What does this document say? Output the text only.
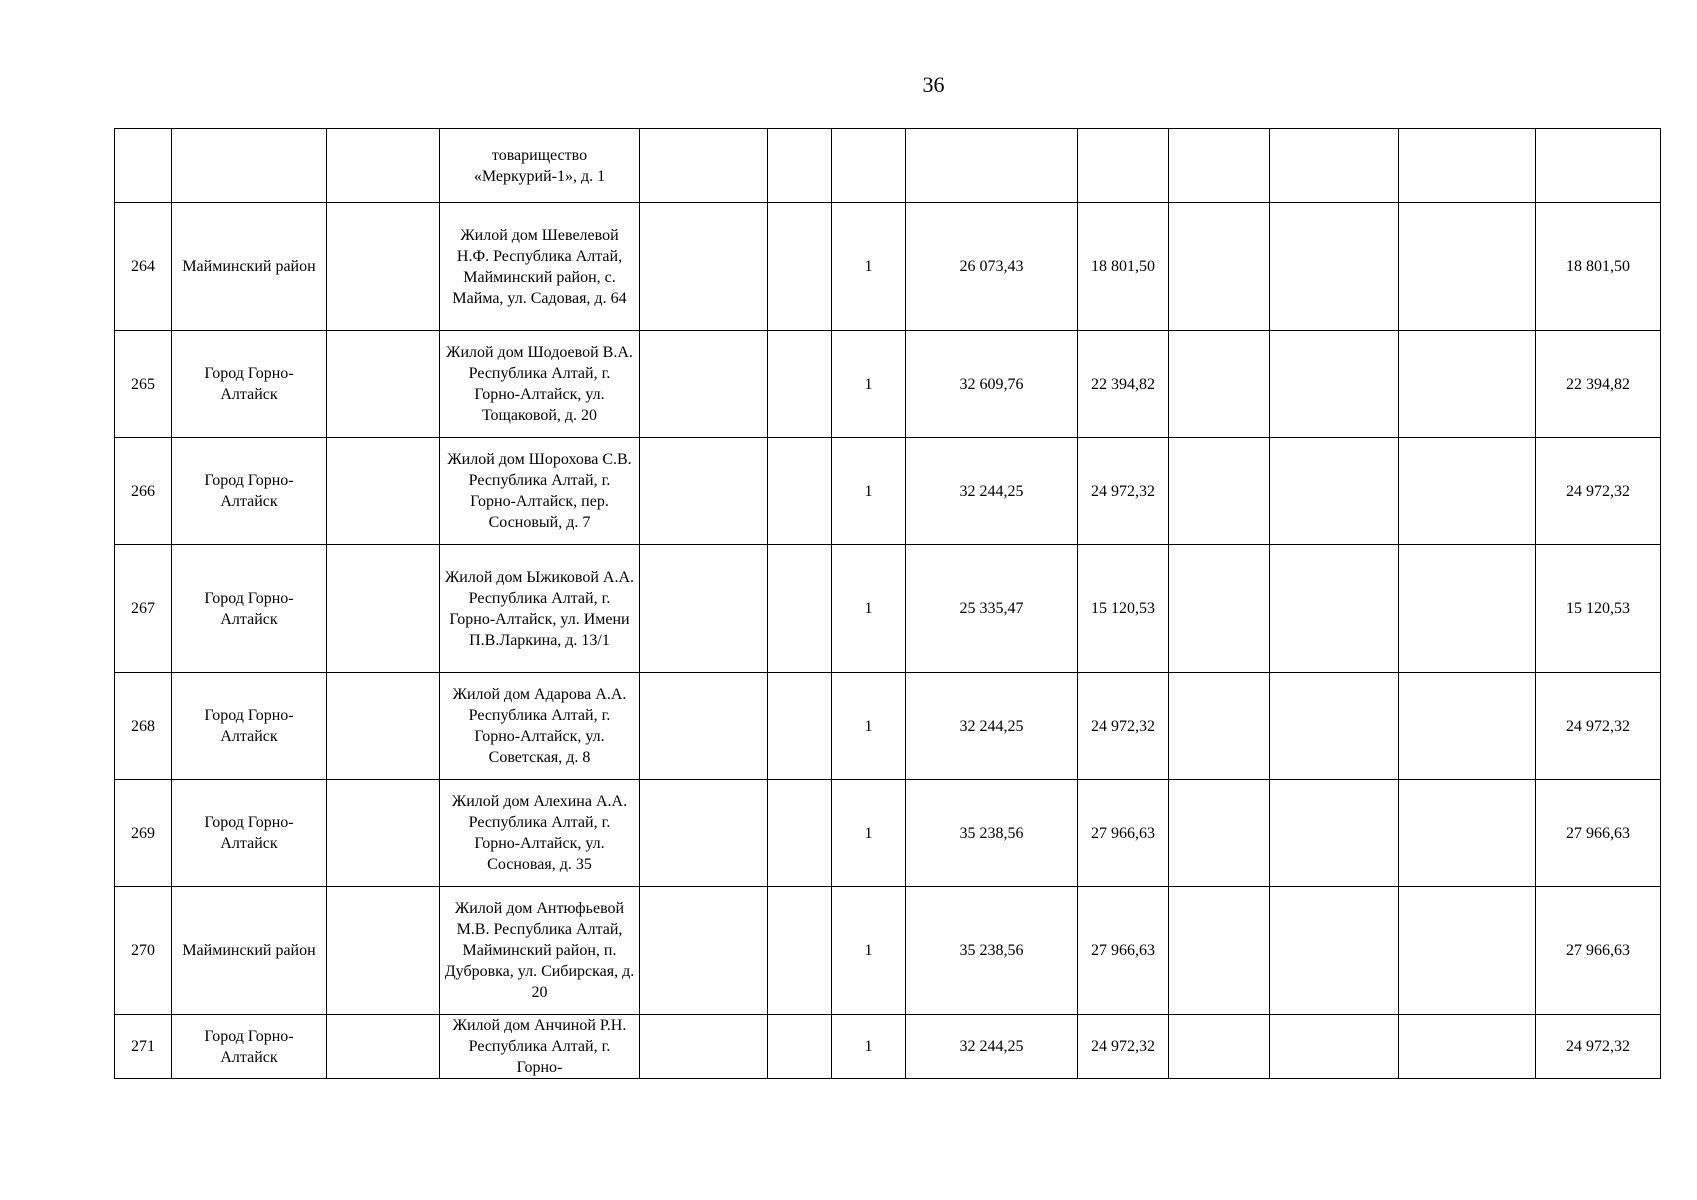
36
			товарищество «Меркурий-1», д. 1									
264	Майминский район		Жилой дом Шевелевой Н.Ф. Республика Алтай, Майминский район, с. Майма, ул. Садовая, д. 64			1	26 073,43	18 801,50				18 801,50
265	Город Горно-Алтайск		Жилой дом Шодоевой В.А. Республика Алтай, г. Горно-Алтайск, ул. Тощаковой, д. 20			1	32 609,76	22 394,82				22 394,82
266	Город Горно-Алтайск		Жилой дом Шорохова С.В. Республика Алтай, г. Горно-Алтайск, пер. Сосновый, д. 7			1	32 244,25	24 972,32				24 972,32
267	Город Горно-Алтайск		Жилой дом Ыжиковой А.А. Республика Алтай, г. Горно-Алтайск, ул. Имени П.В.Ларкина, д. 13/1			1	25 335,47	15 120,53				15 120,53
268	Город Горно-Алтайск		Жилой дом Адарова А.А. Республика Алтай, г. Горно-Алтайск, ул. Советская, д. 8			1	32 244,25	24 972,32				24 972,32
269	Город Горно-Алтайск		Жилой дом Алехина А.А. Республика Алтай, г. Горно-Алтайск, ул. Сосновая, д. 35			1	35 238,56	27 966,63				27 966,63
270	Майминский район		Жилой дом Антюфьевой М.В. Республика Алтай, Майминский район, п. Дубровка, ул. Сибирская, д. 20			1	35 238,56	27 966,63				27 966,63
271	Город Горно-Алтайск		Жилой дом Анчиной Р.Н. Республика Алтай, г. Горно-			1	32 244,25	24 972,32				24 972,32
